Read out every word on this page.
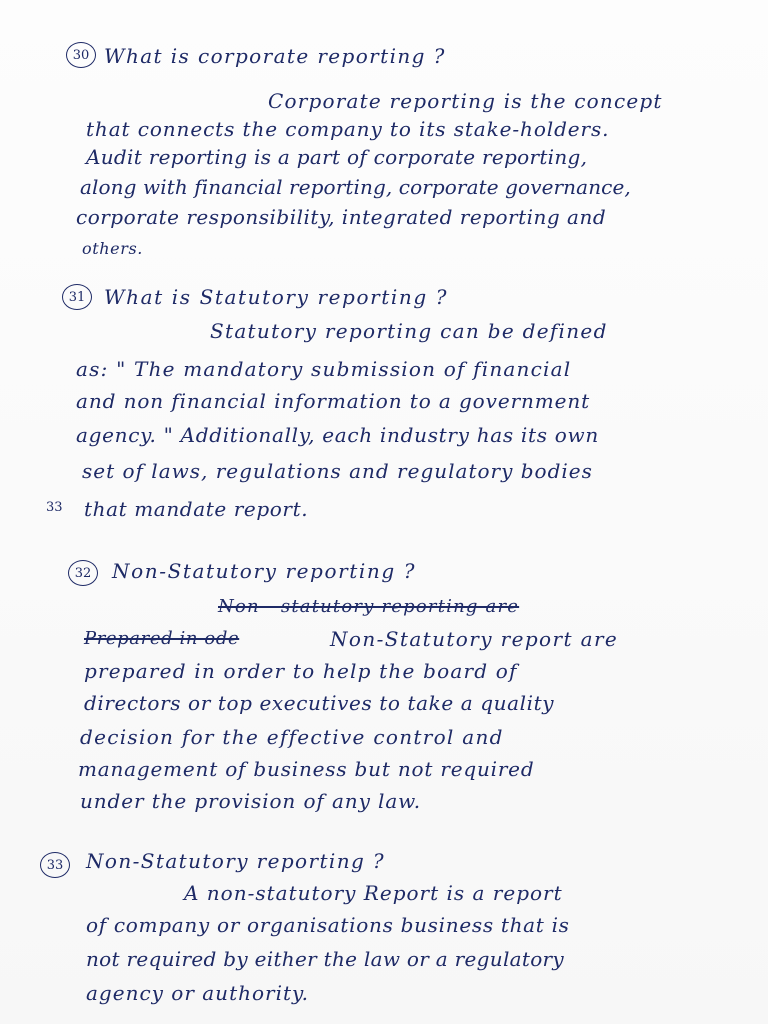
30 What is corporate reporting ?
Corporate reporting is the concept
that connects the company to its stake-holders.
Audit reporting is a part of corporate reporting,
along with financial reporting, corporate governance,
corporate responsibility, integrated reporting and
others.
31 What is Statutory reporting ?
Statutory reporting can be defined
as: " The mandatory submission of financial
and non financial information to a government
agency. " Additionally, each industry has its own
set of laws, regulations and regulatory bodies
33 that mandate report.
32	Non-Statutory reporting ?
Non - statutory reporting are
Prepared in ode	Non-Statutory report are
prepared in order to help the board of
directors or top executives to take a quality
decision for the effective control and
management of business but not required
under the provision of any law.
33	Non-Statutory reporting ?
A non-statutory Report is a report
of company or organisations business that is
not required by either the law or a regulatory
agency or authority.
